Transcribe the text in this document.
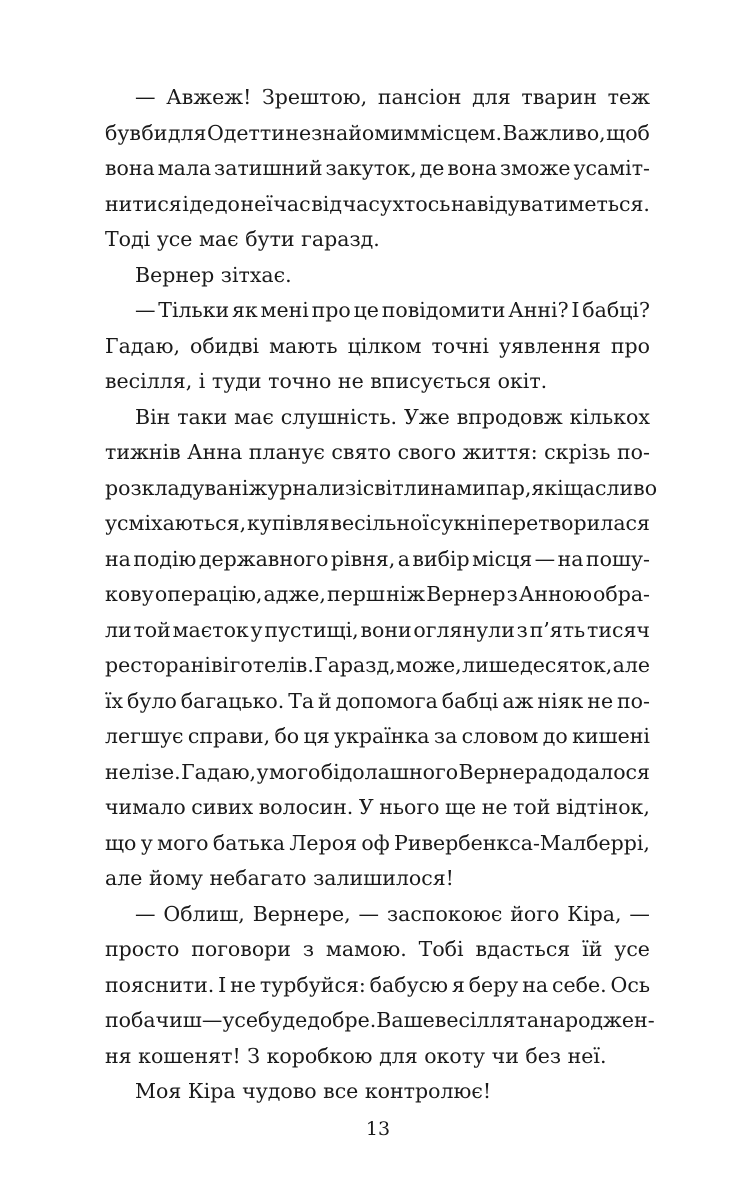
— Авжеж! Зрештою, пансіон для тварин теж
був би для Одетти незнайомим місцем. Важливо, щоб
вона мала затишний закуток, де вона зможе усаміт-
нитися і де до неї час від часу хтось навідуватиметься.
Тоді усе має бути гаразд.
Вернер зітхає.
— Тільки як мені про це повідомити Анні? І бабці?
Гадаю, обидві мають цілком точні уявлення про
весілля, і туди точно не вписується окіт.
Він таки має слушність. Уже впродовж кількох
тижнів Анна планує свято свого життя: скрізь по-
розкладувані журнали зі світлинами пар, які щасливо
усміхаються, купівля весільної сукні перетворилася
на подію державного рівня, а вибір місця — на пошу-
кову операцію, адже, перш ніж Вернер з Анною обра-
ли той маєток у пустищі, вони оглянули з п’ять тисяч
ресторанів і готелів. Гаразд, може, лише десяток, але
їх було багацько. Та й допомога бабці аж ніяк не по-
легшує справи, бо ця українка за словом до кишені
не лізе. Гадаю, у мого бідолашного Вернера додалося
чимало сивих волосин. У нього ще не той відтінок,
що у мого батька Лероя оф Ривербенкса-Малберрі,
але йому небагато залишилося!
— Облиш, Вернере, — заспокоює його Кіра, —
просто поговори з мамою. Тобі вдасться їй усе
пояснити. І не турбуйся: бабусю я беру на себе. Ось
побачиш — усе буде добре. Ваше весілля та народжен-
ня кошенят! З коробкою для окоту чи без неї.
Моя Кіра чудово все контролює!
13
